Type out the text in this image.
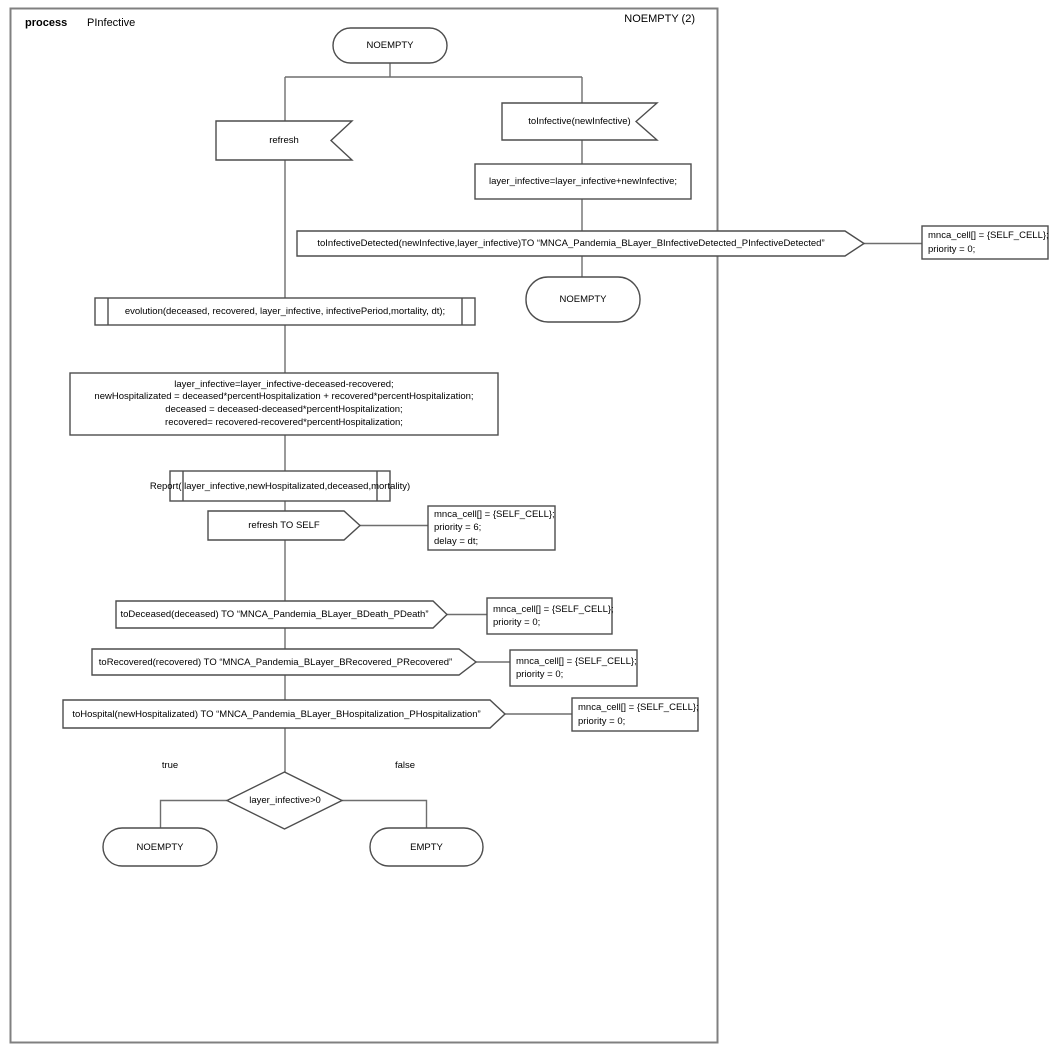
process PInfective	NOEMPTY (2)
NOEMPTY
NOEMPTY
NOEMPTY	EMPTY
refresh
toInfective(newInfective)
layer_infective=layer_infective+newInfective;
layer_infective=layer_infective-deceased-recovered;
newHospitalizated = deceased*percentHospitalization + recovered*percentHospitalization;
deceased = deceased-deceased*percentHospitalization;
recovered= recovered-recovered*percentHospitalization;
evolution(deceased, recovered, layer_infective, infectivePeriod,mortality, dt);
Report( layer_infective,newHospitalizated,deceased,mortality)
toInfectiveDetected(newInfective,layer_infective)TO “MNCA_Pandemia_BLayer_BInfectiveDetected_PInfectiveDetected”
refresh TO SELF
toDeceased(deceased) TO “MNCA_Pandemia_BLayer_BDeath_PDeath”
toRecovered(recovered) TO “MNCA_Pandemia_BLayer_BRecovered_PRecovered”
toHospital(newHospitalizated) TO “MNCA_Pandemia_BLayer_BHospitalization_PHospitalization”
mnca_cell[] = {SELF_CELL};
priority = 0;
mnca_cell[] = {SELF_CELL};
priority = 6;
delay = dt;
mnca_cell[] = {SELF_CELL};
priority = 0;
mnca_cell[] = {SELF_CELL};
priority = 0;
mnca_cell[] = {SELF_CELL};
priority = 0;
layer_infective>0
true	false
